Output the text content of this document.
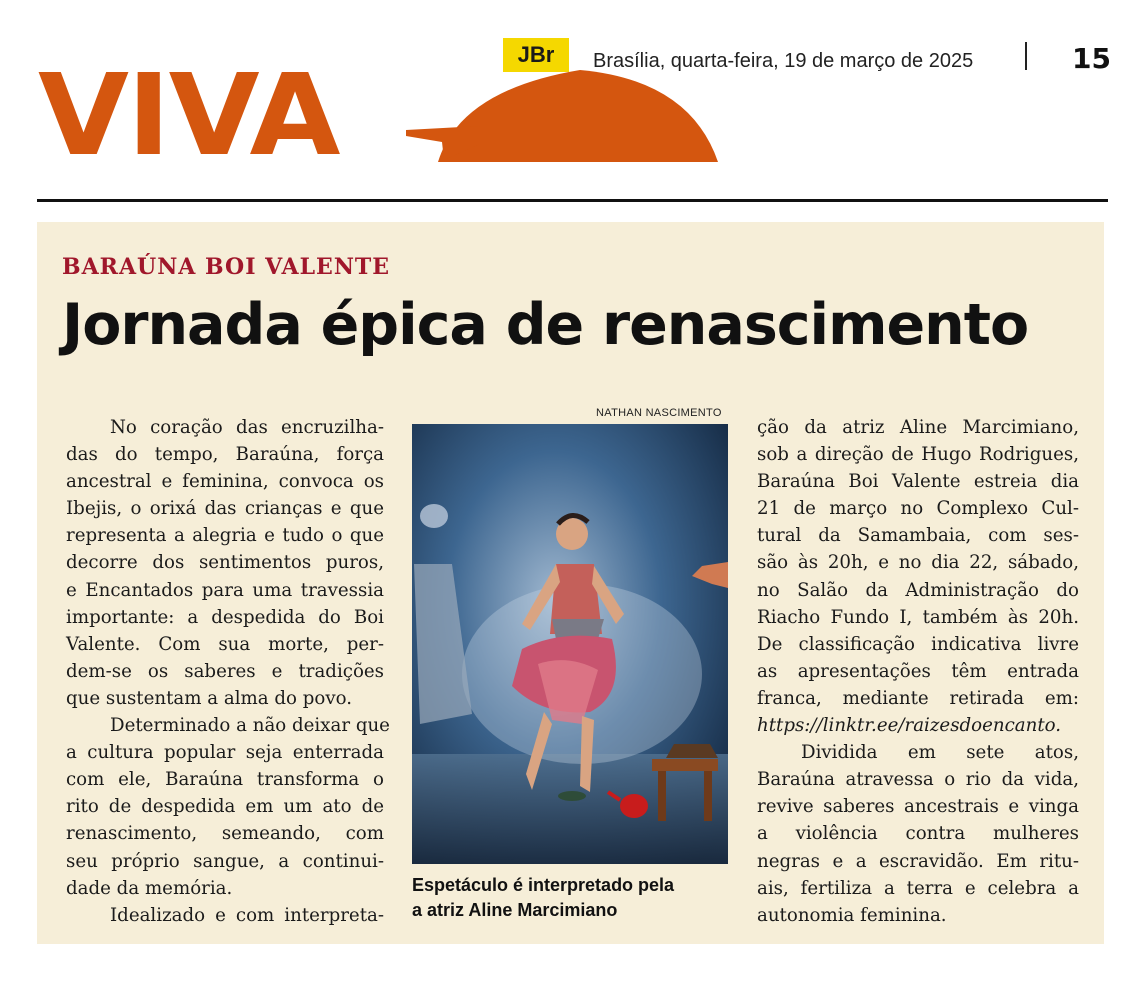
VIVA	JBr	Brasília, quarta-feira, 19 de março de 2025	15
BARAÚNA BOI VALENTE
Jornada épica de renascimento
No coração das encruzilha-
das do tempo, Baraúna, força
ancestral e feminina, convoca os
Ibejis, o orixá das crianças e que
representa a alegria e tudo o que
decorre dos sentimentos puros,
e Encantados para uma travessia
importante: a despedida do Boi
Valente. Com sua morte, per-
dem-se os saberes e tradições
que sustentam a alma do povo.
Determinado a não deixar que
a cultura popular seja enterrada
com ele, Baraúna transforma o
rito de despedida em um ato de
renascimento, semeando, com
seu próprio sangue, a continui-
dade da memória.
Idealizado e com interpreta-
NATHAN NASCIMENTO
Espetáculo é interpretado pela
a atriz Aline Marcimiano
ção da atriz Aline Marcimiano,
sob a direção de Hugo Rodrigues,
Baraúna Boi Valente estreia dia
21 de março no Complexo Cul-
tural da Samambaia, com ses-
são às 20h, e no dia 22, sábado,
no Salão da Administração do
Riacho Fundo I, também às 20h.
De classificação indicativa livre
as apresentações têm entrada
franca, mediante retirada em:
https://linktr.ee/raizesdoencanto.
Dividida em sete atos,
Baraúna atravessa o rio da vida,
revive saberes ancestrais e vinga
a violência contra mulheres
negras e a escravidão. Em ritu-
ais, fertiliza a terra e celebra a
autonomia feminina.
